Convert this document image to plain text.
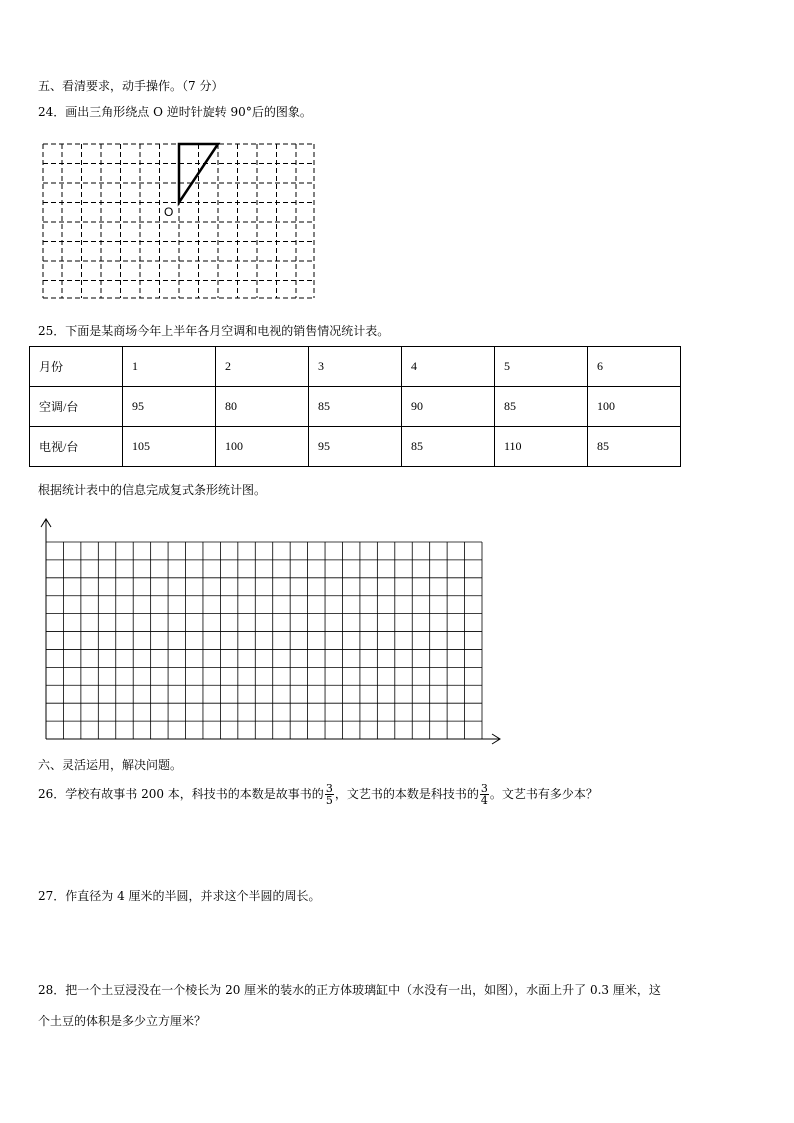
五、看清要求，动手操作。（7 分）
24．画出三角形绕点 O 逆时针旋转 90°后的图象。
O
25．下面是某商场今年上半年各月空调和电视的销售情况统计表。
月份	1	2	3	4	5	6
空调/台	95	80	85	90	85	100
电视/台	105	100	95	85	110	85
根据统计表中的信息完成复式条形统计图。
六、灵活运用，解决问题。
26．学校有故事书 200 本，科技书的本数是故事书的 $\frac{3}{5}$ ，文艺书的本数是科技书的 $\frac{3}{4}$ 。文艺书有多少本？
27．作直径为 4 厘米的半圆，并求这个半圆的周长。
28．把一个土豆浸没在一个棱长为 20 厘米的装水的正方体玻璃缸中（水没有一出，如图），水面上升了 0.3 厘米，这
个土豆的体积是多少立方厘米？
